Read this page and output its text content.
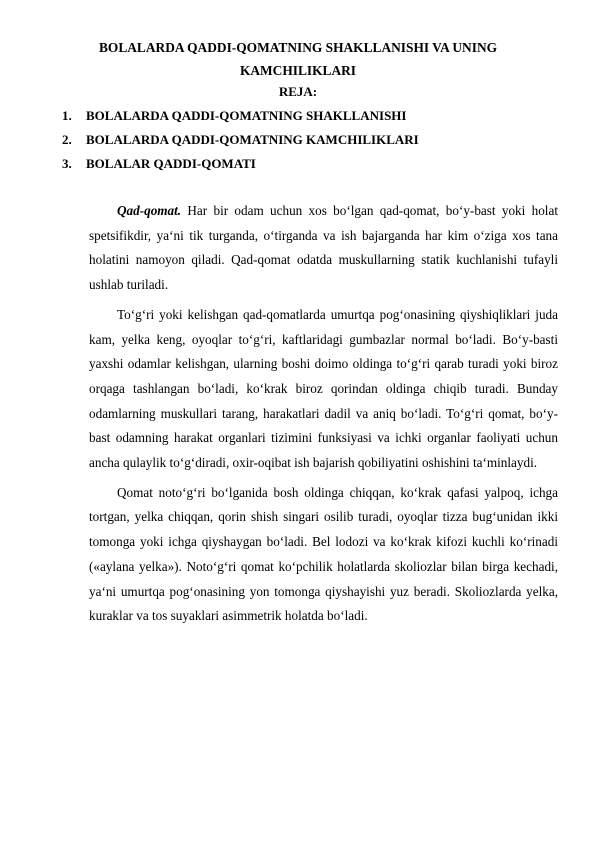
BOLALARDA QADDI-QOMATNING SHAKLLANISHI VA UNING KAMCHILIKLARI

REJA:

1. BOLALARDA QADDI-QOMATNING SHAKLLANISHI
2. BOLALARDA QADDI-QOMATNING KAMCHILIKLARI
3. BOLALAR QADDI-QOMATI

Qad-qomat. Har bir odam uchun xos bo‘lgan qad-qomat, bo‘y-bast yoki holat spetsifikdir, ya‘ni tik turganda, o‘tirganda va ish bajarganda har kim o‘ziga xos tana holatini namoyon qiladi. Qad-qomat odatda muskullarning statik kuchlanishi tufayli ushlab turiladi.

To‘g‘ri yoki kelishgan qad-qomatlarda umurtqa pog‘onasining qiyshiqliklari juda kam, yelka keng, oyoqlar to‘g‘ri, kaftlaridagi gumbazlar normal bo‘ladi. Bo‘y-basti yaxshi odamlar kelishgan, ularning boshi doimo oldinga to‘g‘ri qarab turadi yoki biroz orqaga tashlangan bo‘ladi, ko‘krak biroz qorindan oldinga chiqib turadi. Bunday odamlarning muskullari tarang, harakatlari dadil va aniq bo‘ladi. To‘g‘ri qomat, bo‘y-bast odamning harakat organlari tizimini funksiyasi va ichki organlar faoliyati uchun ancha qulaylik to‘g‘diradi, oxir-oqibat ish bajarish qobiliyatini oshishini ta‘minlaydi.

Qomat noto‘g‘ri bo‘lganida bosh oldinga chiqqan, ko‘krak qafasi yalpoq, ichga tortgan, yelka chiqqan, qorin shish singari osilib turadi, oyoqlar tizza bug‘unidan ikki tomonga yoki ichga qiyshaygan bo‘ladi. Bel lodozi va ko‘krak kifozi kuchli ko‘rinadi («aylana yelka»). Noto‘g‘ri qomat ko‘pchilik holatlarda skoliozlar bilan birga kechadi, ya‘ni umurtqa pog‘onasining yon tomonga qiyshayishi yuz beradi. Skoliozlarda yelka, kuraklar va tos suyaklari asimmetrik holatda bo‘ladi.
